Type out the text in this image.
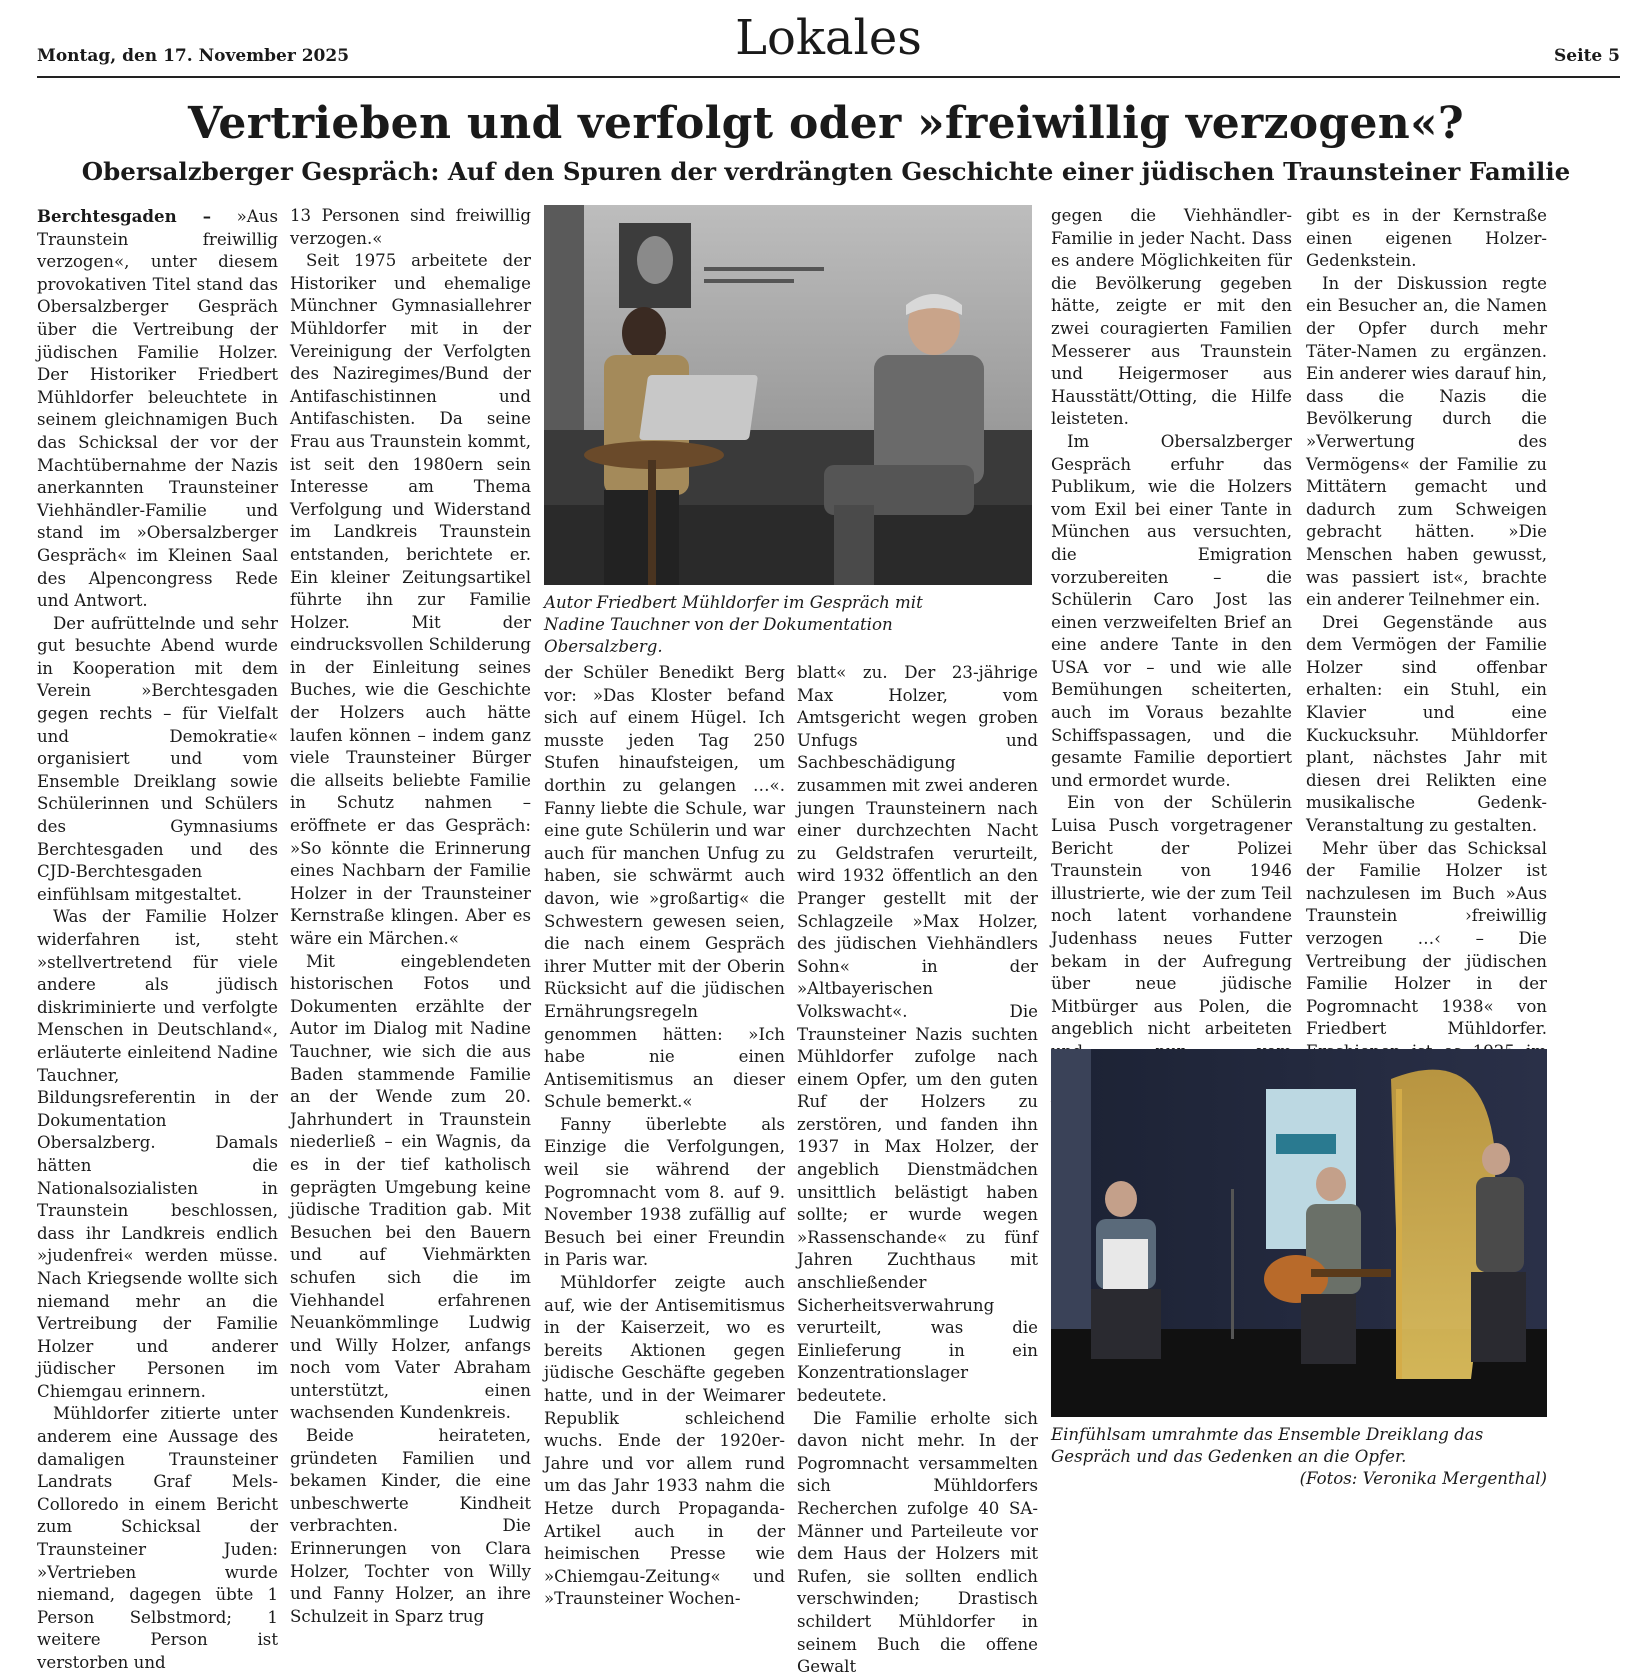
Montag, den 17. November 2025	Lokales	Seite 5
Vertrieben und verfolgt oder »freiwillig verzogen«?
Obersalzberger Gespräch: Auf den Spuren der verdrängten Geschichte einer jüdischen Traunsteiner Familie

Berchtesgaden – »Aus Traunstein freiwillig verzogen«, unter diesem provokativen Titel stand das Obersalzberger Gespräch über die Vertreibung der jüdischen Familie Holzer. Der Historiker Friedbert Mühldorfer beleuchtete in seinem gleichnamigen Buch das Schicksal der vor der Machtübernahme der Nazis anerkannten Traunsteiner Viehhändler-Familie und stand im »Obersalzberger Gespräch« im Kleinen Saal des Alpencongress Rede und Antwort.

Der aufrüttelnde und sehr gut besuchte Abend wurde in Kooperation mit dem Verein »Berchtesgaden gegen rechts – für Vielfalt und Demokratie« organisiert und vom Ensemble Dreiklang sowie Schülerinnen und Schülers des Gymnasiums Berchtesgaden und des CJD-Berchtesgaden einfühlsam mitgestaltet.

Was der Familie Holzer widerfahren ist, steht »stellvertretend für viele andere als jüdisch diskriminierte und verfolgte Menschen in Deutschland«, erläuterte einleitend Nadine Tauchner, Bildungsreferentin in der Dokumentation Obersalzberg. Damals hätten die Nationalsozialisten in Traunstein beschlossen, dass ihr Landkreis endlich »judenfrei« werden müsse. Nach Kriegsende wollte sich niemand mehr an die Vertreibung der Familie Holzer und anderer jüdischer Personen im Chiemgau erinnern.

Mühldorfer zitierte unter anderem eine Aussage des damaligen Traunsteiner Landrats Graf Mels-Colloredo in einem Bericht zum Schicksal der Traunsteiner Juden: »Vertrieben wurde niemand, dagegen übte 1 Person Selbstmord; 1 weitere Person ist verstorben und

13 Personen sind freiwillig verzogen.«

Seit 1975 arbeitete der Historiker und ehemalige Münchner Gymnasiallehrer Mühldorfer mit in der Vereinigung der Verfolgten des Naziregimes/Bund der Antifaschistinnen und Antifaschisten. Da seine Frau aus Traunstein kommt, ist seit den 1980ern sein Interesse am Thema Verfolgung und Widerstand im Landkreis Traunstein entstanden, berichtete er. Ein kleiner Zeitungsartikel führte ihn zur Familie Holzer. Mit der eindrucksvollen Schilderung in der Einleitung seines Buches, wie die Geschichte der Holzers auch hätte laufen können – indem ganz viele Traunsteiner Bürger die allseits beliebte Familie in Schutz nahmen – eröffnete er das Gespräch: »So könnte die Erinnerung eines Nachbarn der Familie Holzer in der Traunsteiner Kernstraße klingen. Aber es wäre ein Märchen.«

Mit eingeblendeten historischen Fotos und Dokumenten erzählte der Autor im Dialog mit Nadine Tauchner, wie sich die aus Baden stammende Familie an der Wende zum 20. Jahrhundert in Traunstein niederließ – ein Wagnis, da es in der tief katholisch geprägten Umgebung keine jüdische Tradition gab. Mit Besuchen bei den Bauern und auf Viehmärkten schufen sich die im Viehhandel erfahrenen Neuankömmlinge Ludwig und Willy Holzer, anfangs noch vom Vater Abraham unterstützt, einen wachsenden Kundenkreis.

Beide heirateten, gründeten Familien und bekamen Kinder, die eine unbeschwerte Kindheit verbrachten. Die Erinnerungen von Clara Holzer, Tochter von Willy und Fanny Holzer, an ihre Schulzeit in Sparz trug

Autor Friedbert Mühldorfer im Gespräch mit Nadine Tauchner von der Dokumentation Obersalzberg.

der Schüler Benedikt Berg vor: »Das Kloster befand sich auf einem Hügel. Ich musste jeden Tag 250 Stufen hinaufsteigen, um dorthin zu gelangen …«. Fanny liebte die Schule, war eine gute Schülerin und war auch für manchen Unfug zu haben, sie schwärmt auch davon, wie »großartig« die Schwestern gewesen seien, die nach einem Gespräch ihrer Mutter mit der Oberin Rücksicht auf die jüdischen Ernährungsregeln genommen hätten: »Ich habe nie einen Antisemitismus an dieser Schule bemerkt.«

Fanny überlebte als Einzige die Verfolgungen, weil sie während der Pogromnacht vom 8. auf 9. November 1938 zufällig auf Besuch bei einer Freundin in Paris war.

Mühldorfer zeigte auch auf, wie der Antisemitismus in der Kaiserzeit, wo es bereits Aktionen gegen jüdische Geschäfte gegeben hatte, und in der Weimarer Republik schleichend wuchs. Ende der 1920er-Jahre und vor allem rund um das Jahr 1933 nahm die Hetze durch Propaganda-Artikel auch in der heimischen Presse wie »Chiemgau-Zeitung« und »Traunsteiner Wochen-

blatt« zu. Der 23-jährige Max Holzer, vom Amtsgericht wegen groben Unfugs und Sachbeschädigung zusammen mit zwei anderen jungen Traunsteinern nach einer durchzechten Nacht zu Geldstrafen verurteilt, wird 1932 öffentlich an den Pranger gestellt mit der Schlagzeile »Max Holzer, des jüdischen Viehhändlers Sohn« in der »Altbayerischen Volkswacht«. Die Traunsteiner Nazis suchten Mühldorfer zufolge nach einem Opfer, um den guten Ruf der Holzers zu zerstören, und fanden ihn 1937 in Max Holzer, der angeblich Dienstmädchen unsittlich belästigt haben sollte; er wurde wegen »Rassenschande« zu fünf Jahren Zuchthaus mit anschließender Sicherheitsverwahrung verurteilt, was die Einlieferung in ein Konzentrationslager bedeutete.

Die Familie erholte sich davon nicht mehr. In der Pogromnacht versammelten sich Mühldorfers Recherchen zufolge 40 SA-Männer und Parteileute vor dem Haus der Holzers mit Rufen, sie sollten endlich verschwinden; Drastisch schildert Mühldorfer in seinem Buch die offene Gewalt

gegen die Viehhändler-Familie in jeder Nacht. Dass es andere Möglichkeiten für die Bevölkerung gegeben hätte, zeigte er mit den zwei couragierten Familien Messerer aus Traunstein und Heigermoser aus Hausstätt/Otting, die Hilfe leisteten.

Im Obersalzberger Gespräch erfuhr das Publikum, wie die Holzers vom Exil bei einer Tante in München aus versuchten, die Emigration vorzubereiten – die Schülerin Caro Jost las einen verzweifelten Brief an eine andere Tante in den USA vor – und wie alle Bemühungen scheiterten, auch im Voraus bezahlte Schiffspassagen, und die gesamte Familie deportiert und ermordet wurde.

Ein von der Schülerin Luisa Pusch vorgetragener Bericht der Polizei Traunstein von 1946 illustrierte, wie der zum Teil noch latent vorhandene Judenhass neues Futter bekam in der Aufregung über neue jüdische Mitbürger aus Polen, die angeblich nicht arbeiteten

gibt es in der Kernstraße einen eigenen Holzer-Gedenkstein.

In der Diskussion regte ein Besucher an, die Namen der Opfer durch mehr Täter-Namen zu ergänzen. Ein anderer wies darauf hin, dass die Nazis die Bevölkerung durch die »Verwertung des Vermögens« der Familie zu Mittätern gemacht und dadurch zum Schweigen gebracht hätten. »Die Menschen haben gewusst, was passiert ist«, brachte ein anderer Teilnehmer ein.

Drei Gegenstände aus dem Vermögen der Familie Holzer sind offenbar erhalten: ein Stuhl, ein Klavier und eine Kuckucksuhr. Mühldorfer plant, nächstes Jahr mit diesen drei Relikten eine musikalische Gedenk-Veranstaltung zu gestalten.

Mehr über das Schicksal der Familie Holzer ist nachzulesen im Buch »Aus Traunstein ›freiwillig verzogen …‹ – Die Vertreibung der jüdischen Familie Holzer in der Pogromnacht 1938« von Friedbert Mühldorfer.

Einfühlsam umrahmte das Ensemble Dreiklang das Gespräch und das Gedenken an die Opfer.
(Fotos: Veronika Mergenthal)
